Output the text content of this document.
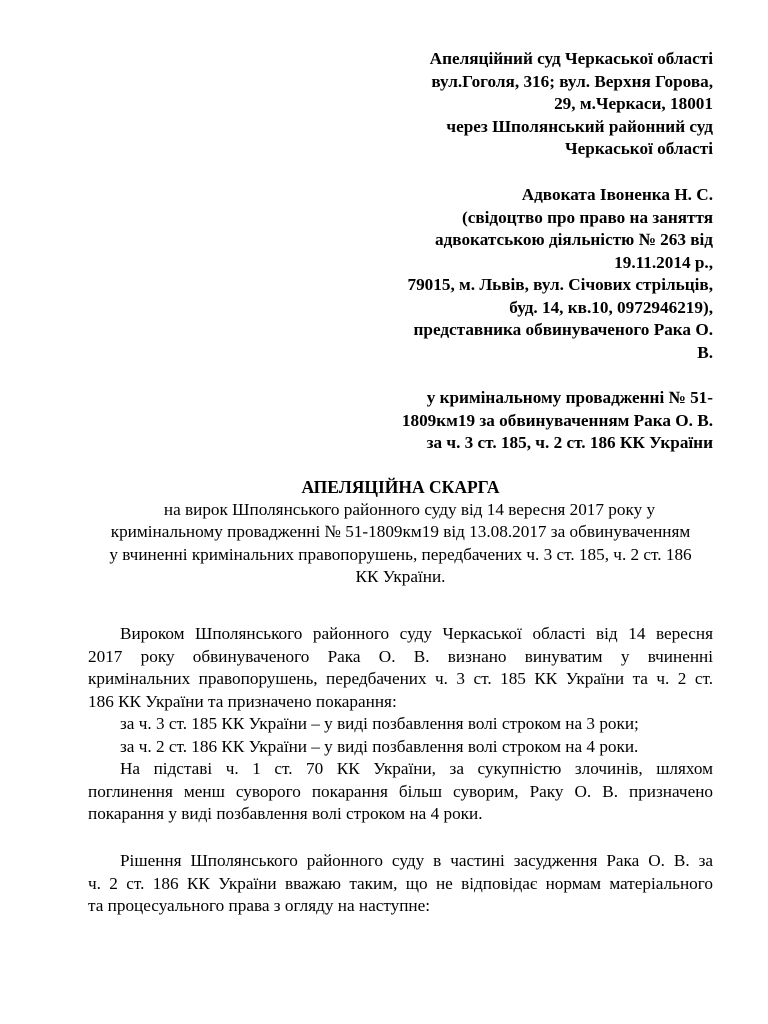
Апеляційний суд Черкаської області
вул.Гоголя, 316; вул. Верхня Горова,
29, м.Черкаси, 18001
через Шполянський районний суд
Черкаської області
Адвоката Івоненка Н. С.
(свідоцтво про право на заняття
адвокатською діяльністю № 263 від
19.11.2014 р.,
79015, м. Львів, вул. Січових стрільців,
буд. 14, кв.10, 0972946219),
представника обвинуваченого Рака О.
В.
у кримінальному провадженні № 51-
1809км19 за обвинуваченням Рака О. В.
за ч. 3 ст. 185, ч. 2 ст. 186 КК України
АПЕЛЯЦІЙНА СКАРГА
на вирок Шполянського районного суду від 14 вересня 2017 року у
кримінальному провадженні № 51-1809км19 від 13.08.2017 за обвинуваченням
у вчиненні кримінальних правопорушень, передбачених ч. 3 ст. 185, ч. 2 ст. 186
КК України.
Вироком Шполянського районного суду Черкаської області від 14 вересня
2017 року обвинуваченого Рака О. В. визнано винуватим у вчиненні
кримінальних правопорушень, передбачених ч. 3 ст. 185 КК України та ч. 2 ст.
186 КК України та призначено покарання:
за ч. 3 ст. 185 КК України – у виді позбавлення волі строком на 3 роки;
за ч. 2 ст. 186 КК України – у виді позбавлення волі строком на 4 роки.
На підставі ч. 1 ст. 70 КК України, за сукупністю злочинів, шляхом
поглинення менш суворого покарання більш суворим, Раку О. В. призначено
покарання у виді позбавлення волі строком на 4 роки.
Рішення Шполянського районного суду в частині засудження Рака О. В. за
ч. 2 ст. 186 КК України вважаю таким, що не відповідає нормам матеріального
та процесуального права з огляду на наступне:
